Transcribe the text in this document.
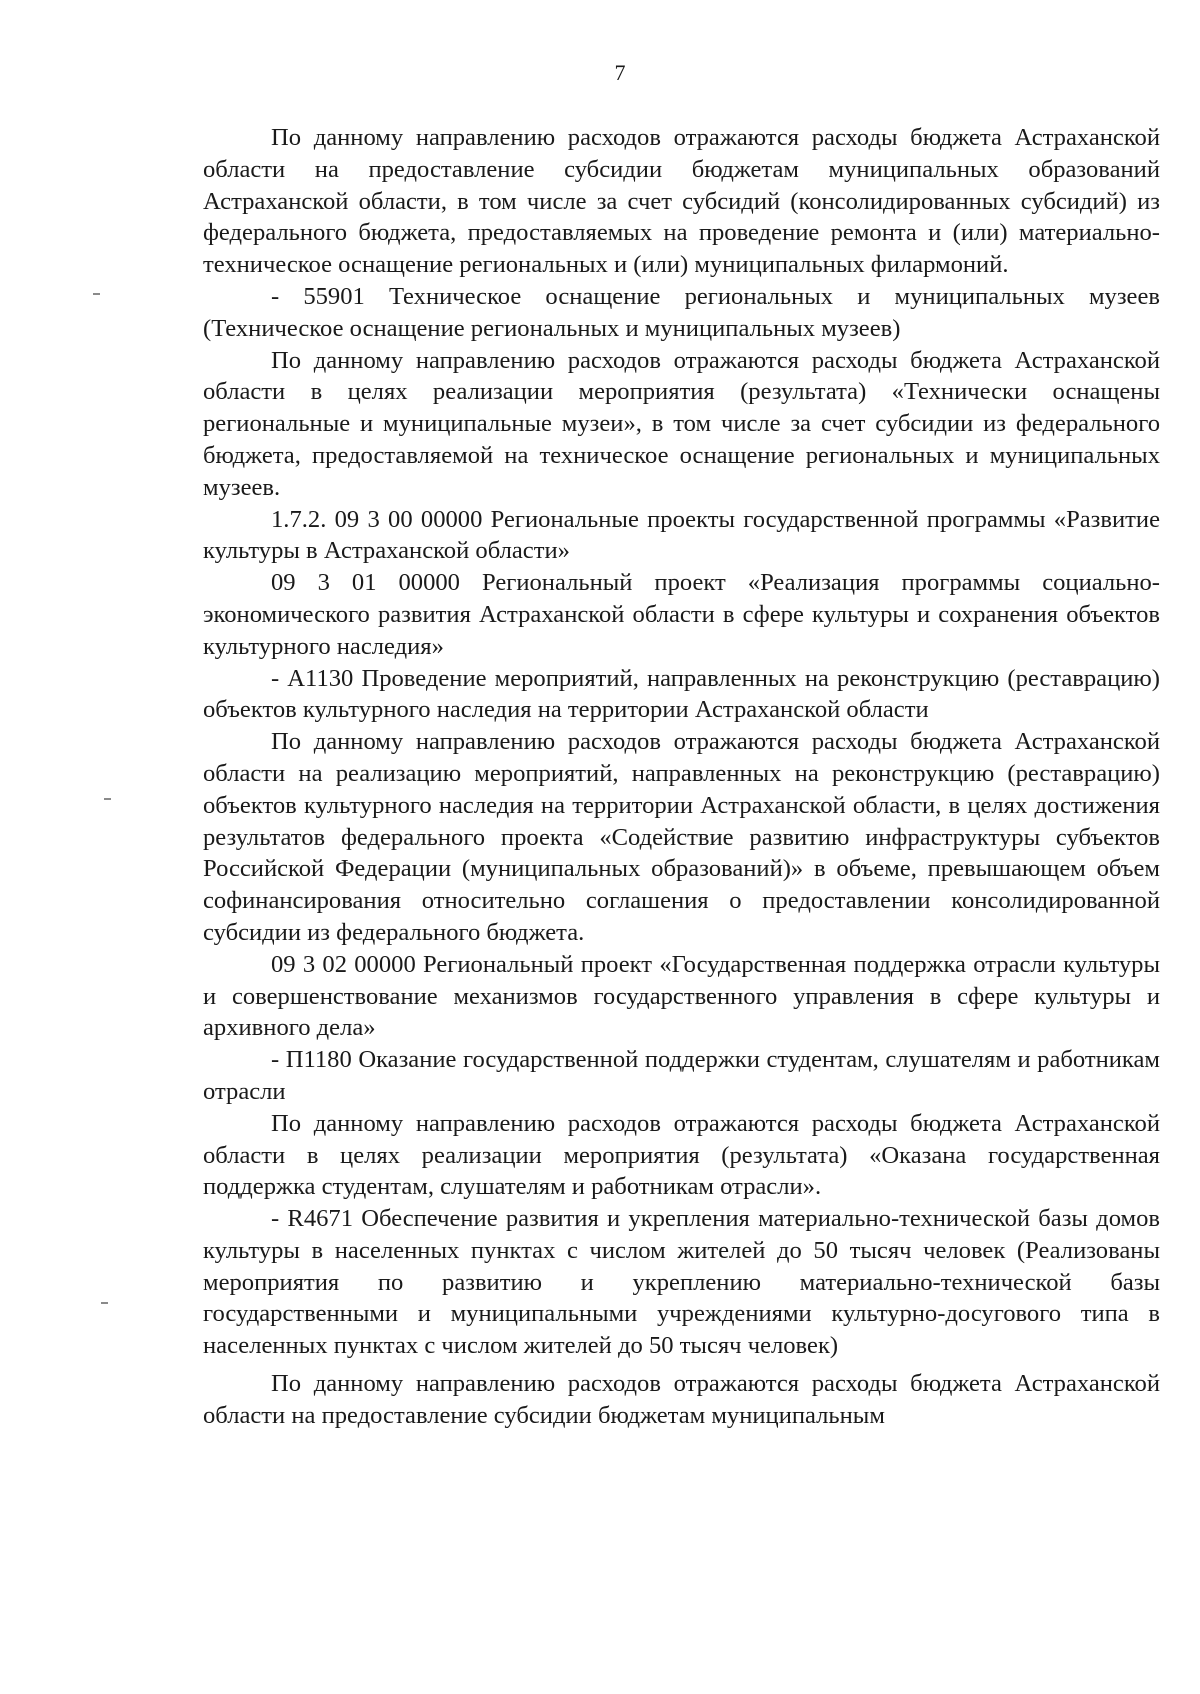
7

По данному направлению расходов отражаются расходы бюджета Астраханской области на предоставление субсидии бюджетам муниципальных образований Астраханской области, в том числе за счет субсидий (консолидированных субсидий) из федерального бюджета, предоставляемых на проведение ремонта и (или) материально-техническое оснащение региональных и (или) муниципальных филармоний.

- 55901 Техническое оснащение региональных и муниципальных музеев (Техническое оснащение региональных и муниципальных музеев)

По данному направлению расходов отражаются расходы бюджета Астраханской области в целях реализации мероприятия (результата) «Технически оснащены региональные и муниципальные музеи», в том числе за счет субсидии из федерального бюджета, предоставляемой на техническое оснащение региональных и муниципальных музеев.

1.7.2. 09 3 00 00000 Региональные проекты государственной программы «Развитие культуры в Астраханской области»

09 3 01 00000 Региональный проект «Реализация программы социально-экономического развития Астраханской области в сфере культуры и сохранения объектов культурного наследия»

- А1130 Проведение мероприятий, направленных на реконструкцию (реставрацию) объектов культурного наследия на территории Астраханской области

По данному направлению расходов отражаются расходы бюджета Астраханской области на реализацию мероприятий, направленных на реконструкцию (реставрацию) объектов культурного наследия на территории Астраханской области, в целях достижения результатов федерального проекта «Содействие развитию инфраструктуры субъектов Российской Федерации (муниципальных образований)» в объеме, превышающем объем софинансирования относительно соглашения о предоставлении консолидированной субсидии из федерального бюджета.

09 3 02 00000 Региональный проект «Государственная поддержка отрасли культуры и совершенствование механизмов государственного управления в сфере культуры и архивного дела»

- П1180 Оказание государственной поддержки студентам, слушателям и работникам отрасли

По данному направлению расходов отражаются расходы бюджета Астраханской области в целях реализации мероприятия (результата) «Оказана государственная поддержка студентам, слушателям и работникам отрасли».

- R4671 Обеспечение развития и укрепления материально-технической базы домов культуры в населенных пунктах с числом жителей до 50 тысяч человек (Реализованы мероприятия по развитию и укреплению материально-технической базы государственными и муниципальными учреждениями культурно-досугового типа в населенных пунктах с числом жителей до 50 тысяч человек)

По данному направлению расходов отражаются расходы бюджета Астраханской области на предоставление субсидии бюджетам муниципальным
